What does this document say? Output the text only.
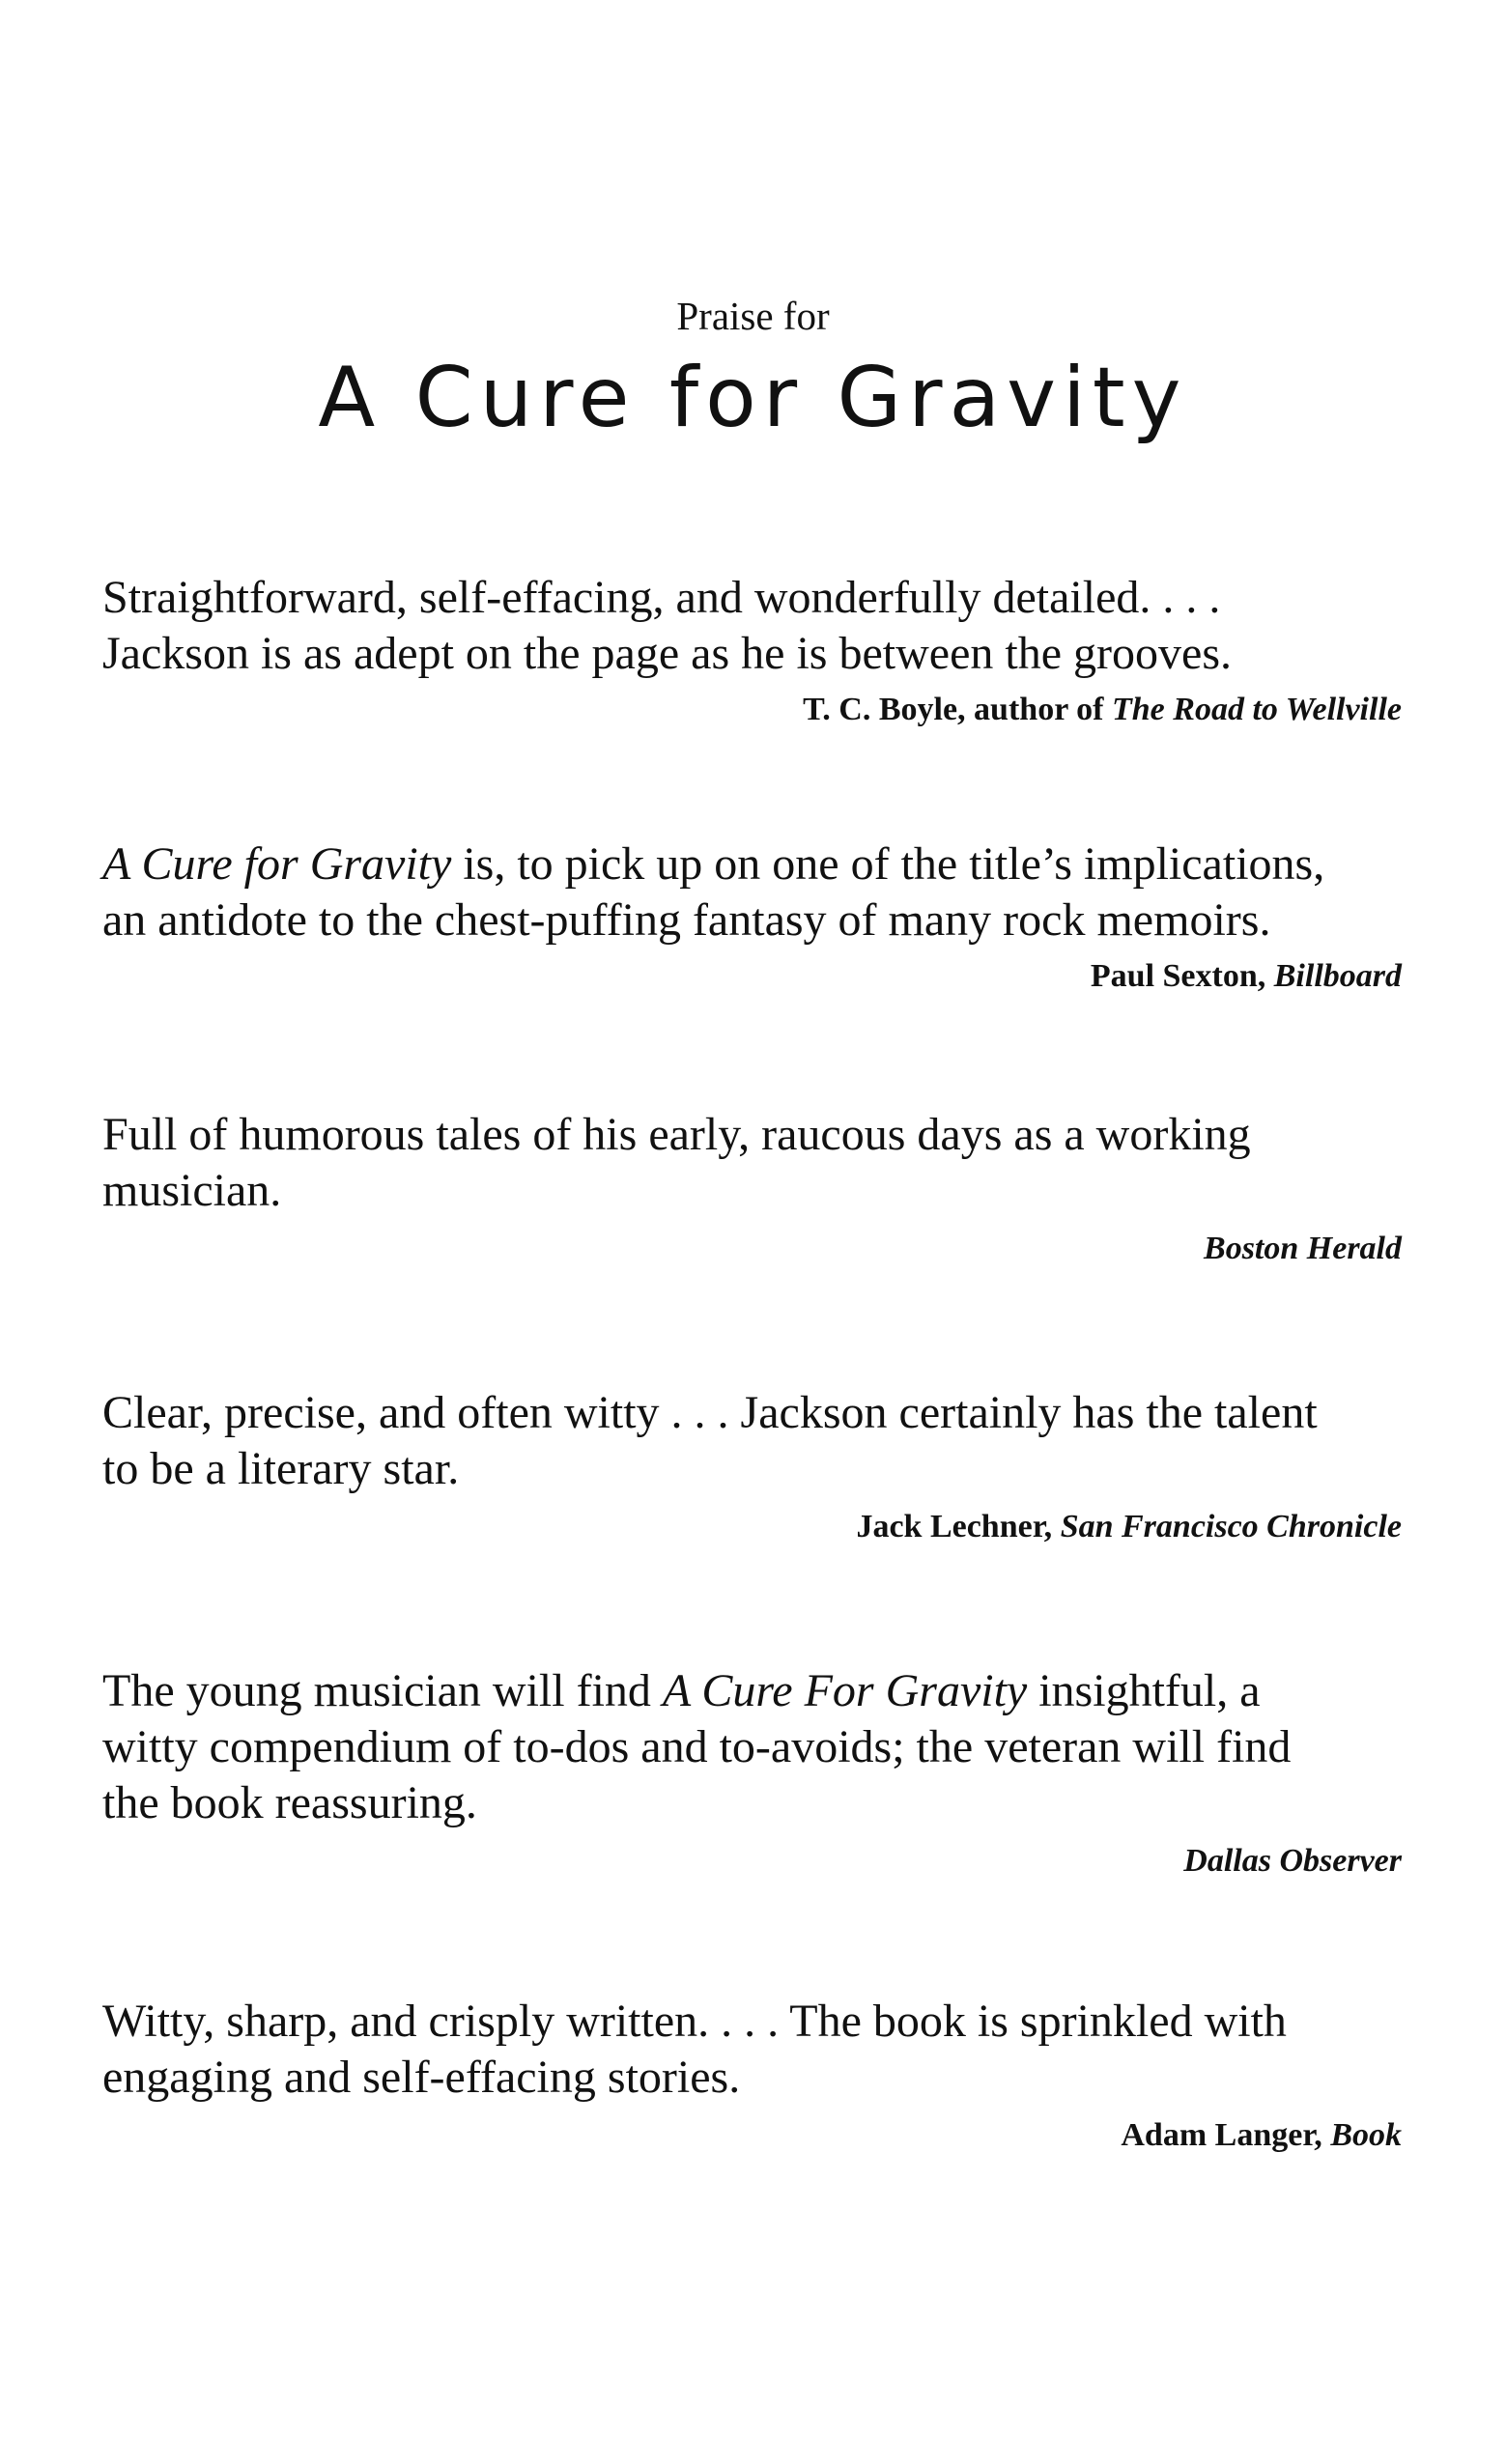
Praise for
A Cure for Gravity

Straightforward, self-effacing, and wonderfully detailed. . . .
Jackson is as adept on the page as he is between the grooves.

T. C. Boyle, author of The Road to Wellville

A Cure for Gravity is, to pick up on one of the title’s implications,
an antidote to the chest-puffing fantasy of many rock memoirs.

Paul Sexton, Billboard

Full of humorous tales of his early, raucous days as a working
musician.

Boston Herald

Clear, precise, and often witty . . . Jackson certainly has the talent
to be a literary star.

Jack Lechner, San Francisco Chronicle

The young musician will find A Cure For Gravity insightful, a
witty compendium of to-dos and to-avoids; the veteran will find
the book reassuring.

Dallas Observer

Witty, sharp, and crisply written. . . . The book is sprinkled with
engaging and self-effacing stories.

Adam Langer, Book
